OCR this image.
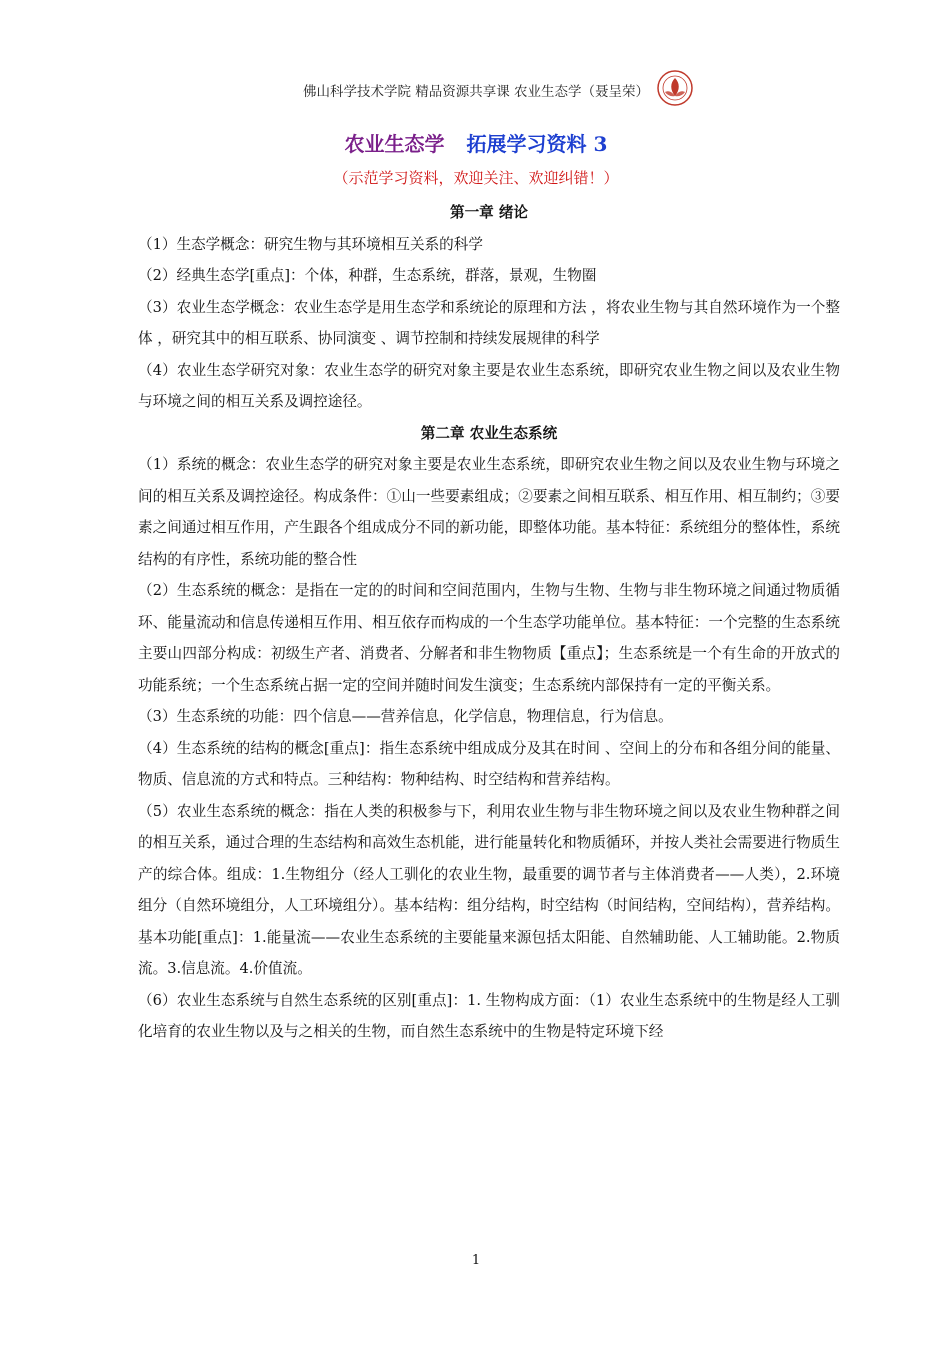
佛山科学技术学院 精品资源共享课 农业生态学（聂呈荣）
农业生态学 拓展学习资料 3
（示范学习资料，欢迎关注、欢迎纠错！）
第一章 绪论

（1）生态学概念：研究生物与其环境相互关系的科学

（2）经典生态学[重点]：个体，种群，生态系统，群落，景观，生物圈

（3）农业生态学概念：农业生态学是用生态学和系统论的原理和方法 ，将农业生物与其自然环境作为一个整体 ，研究其中的相互联系、协同演变 、调节控制和持续发展规律的科学

（4）农业生态学研究对象：农业生态学的研究对象主要是农业生态系统，即研究农业生物之间以及农业生物与环境之间的相互关系及调控途径。

第二章 农业生态系统

（1）系统的概念：农业生态学的研究对象主要是农业生态系统，即研究农业生物之间以及农业生物与环境之间的相互关系及调控途径。构成条件：①山一些要素组成；②要素之间相互联系、相互作用、相互制约；③要素之间通过相互作用，产生跟各个组成成分不同的新功能，即整体功能。基本特征：系统组分的整体性，系统结构的有序性，系统功能的整合性

（2）生态系统的概念：是指在一定的的时间和空间范围内，生物与生物、生物与非生物环境之间通过物质循环、能量流动和信息传递相互作用、相互依存而构成的一个生态学功能单位。基本特征：一个完整的生态系统主要山四部分构成：初级生产者、消费者、分解者和非生物物质【重点】；生态系统是一个有生命的开放式的功能系统；一个生态系统占据一定的空间并随时间发生演变；生态系统内部保持有一定的平衡关系。

（3）生态系统的功能：四个信息——营养信息，化学信息，物理信息，行为信息。

（4）生态系统的结构的概念[重点]：指生态系统中组成成分及其在时间 、空间上的分布和各组分间的能量、物质、信息流的方式和特点。三种结构：物种结构、时空结构和营养结构。

（5）农业生态系统的概念：指在人类的积极参与下，利用农业生物与非生物环境之间以及农业生物种群之间的相互关系，通过合理的生态结构和高效生态机能，进行能量转化和物质循环，并按人类社会需要进行物质生产的综合体。组成：1.生物组分（经人工驯化的农业生物，最重要的调节者与主体消费者——人类），2.环境组分（自然环境组分，人工环境组分）。基本结构：组分结构，时空结构（时间结构，空间结构），营养结构。基本功能[重点]：1.能量流——农业生态系统的主要能量来源包括太阳能、自然辅助能、人工辅助能。2.物质流。3.信息流。4.价值流。

（6）农业生态系统与自然生态系统的区别[重点]：1. 生物构成方面：（1）农业生态系统中的生物是经人工驯化培育的农业生物以及与之相关的生物，而自然生态系统中的生物是特定环境下经

1
